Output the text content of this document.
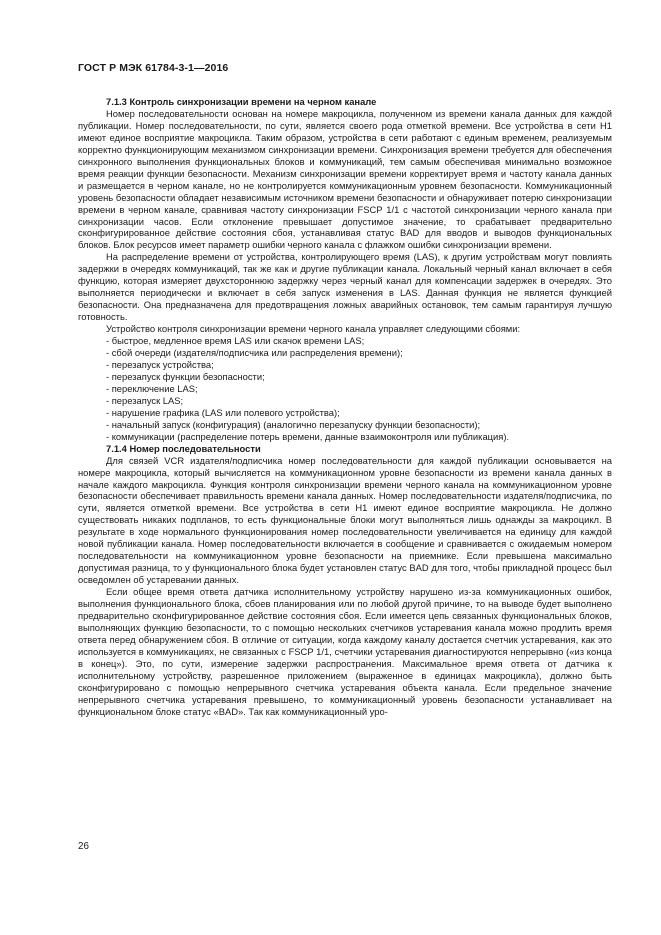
ГОСТ Р МЭК 61784-3-1—2016

7.1.3 Контроль синхронизации времени на черном канале

Номер последовательности основан на номере макроцикла, полученном из времени канала данных для каждой публикации. Номер последовательности, по сути, является своего рода отметкой времени. Все устройства в сети Н1 имеют единое восприятие макроцикла. Таким образом, устройства в сети работают с единым временем, реализуемым корректно функционирующим механизмом синхронизации времени. Синхронизация времени требуется для обеспечения синхронного выполнения функциональных блоков и коммуникаций, тем самым обеспечивая минимально возможное время реакции функции безопасности. Механизм синхронизации времени корректирует время и частоту канала данных и размещается в черном канале, но не контролируется коммуникационным уровнем безопасности. Коммуникационный уровень безопасности обладает независимым источником времени безопасности и обнаруживает потерю синхронизации времени в черном канале, сравнивая частоту синхронизации FSCP 1/1 с частотой синхронизации черного канала при синхронизации часов. Если отклонение превышает допустимое значение, то срабатывает предварительно сконфигурированное действие состояния сбоя, устанавливая статус BAD для вводов и выводов функциональных блоков. Блок ресурсов имеет параметр ошибки черного канала с флажком ошибки синхронизации времени.

На распределение времени от устройства, контролирующего время (LAS), к другим устройствам могут повлиять задержки в очередях коммуникаций, так же как и другие публикации канала. Локальный черный канал включает в себя функцию, которая измеряет двухстороннюю задержку через черный канал для компенсации задержек в очередях. Это выполняется периодически и включает в себя запуск изменения в LAS. Данная функция не является функцией безопасности. Она предназначена для предотвращения ложных аварийных остановок, тем самым гарантируя лучшую готовность.

Устройство контроля синхронизации времени черного канала управляет следующими сбоями:

- быстрое, медленное время LAS или скачок времени LAS;

- сбой очереди (издателя/подписчика или распределения времени);

- перезапуск устройства;

- перезапуск функции безопасности;

- переключение LAS;

- перезапуск LAS;

- нарушение графика (LAS или полевого устройства);

- начальный запуск (конфигурация) (аналогично перезапуску функции безопасности);

- коммуникации (распределение потерь времени, данные взаимоконтроля или публикация).

7.1.4 Номер последовательности

Для связей VCR издателя/подписчика номер последовательности для каждой публикации основывается на номере макроцикла, который вычисляется на коммуникационном уровне безопасности из времени канала данных в начале каждого макроцикла. Функция контроля синхронизации времени черного канала на коммуникационном уровне безопасности обеспечивает правильность времени канала данных. Номер последовательности издателя/подписчика, по сути, является отметкой времени. Все устройства в сети Н1 имеют единое восприятие макроцикла. Не должно существовать никаких подпланов, то есть функциональные блоки могут выполняться лишь однажды за макроцикл. В результате в ходе нормального функционирования номер последовательности увеличивается на единицу для каждой новой публикации канала. Номер последовательности включается в сообщение и сравнивается с ожидаемым номером последовательности на коммуникационном уровне безопасности на приемнике. Если превышена максимально допустимая разница, то у функционального блока будет установлен статус BAD для того, чтобы прикладной процесс был осведомлен об устаревании данных.

Если общее время ответа датчика исполнительному устройству нарушено из-за коммуникационных ошибок, выполнения функционального блока, сбоев планирования или по любой другой причине, то на выводе будет выполнено предварительно сконфигурированное действие состояния сбоя. Если имеется цепь связанных функциональных блоков, выполняющих функцию безопасности, то с помощью нескольких счетчиков устаревания канала можно продлить время ответа перед обнаружением сбоя. В отличие от ситуации, когда каждому каналу достается счетчик устаревания, как это используется в коммуникациях, не связанных с FSCP 1/1, счетчики устаревания диагностируются непрерывно («из конца в конец»). Это, по сути, измерение задержки распространения. Максимальное время ответа от датчика к исполнительному устройству, разрешенное приложением (выраженное в единицах макроцикла), должно быть сконфигурировано с помощью непрерывного счетчика устаревания объекта канала. Если предельное значение непрерывного счетчика устаревания превышено, то коммуникационный уровень безопасности устанавливает на функциональном блоке статус «BAD». Так как коммуникационный уро-

26
